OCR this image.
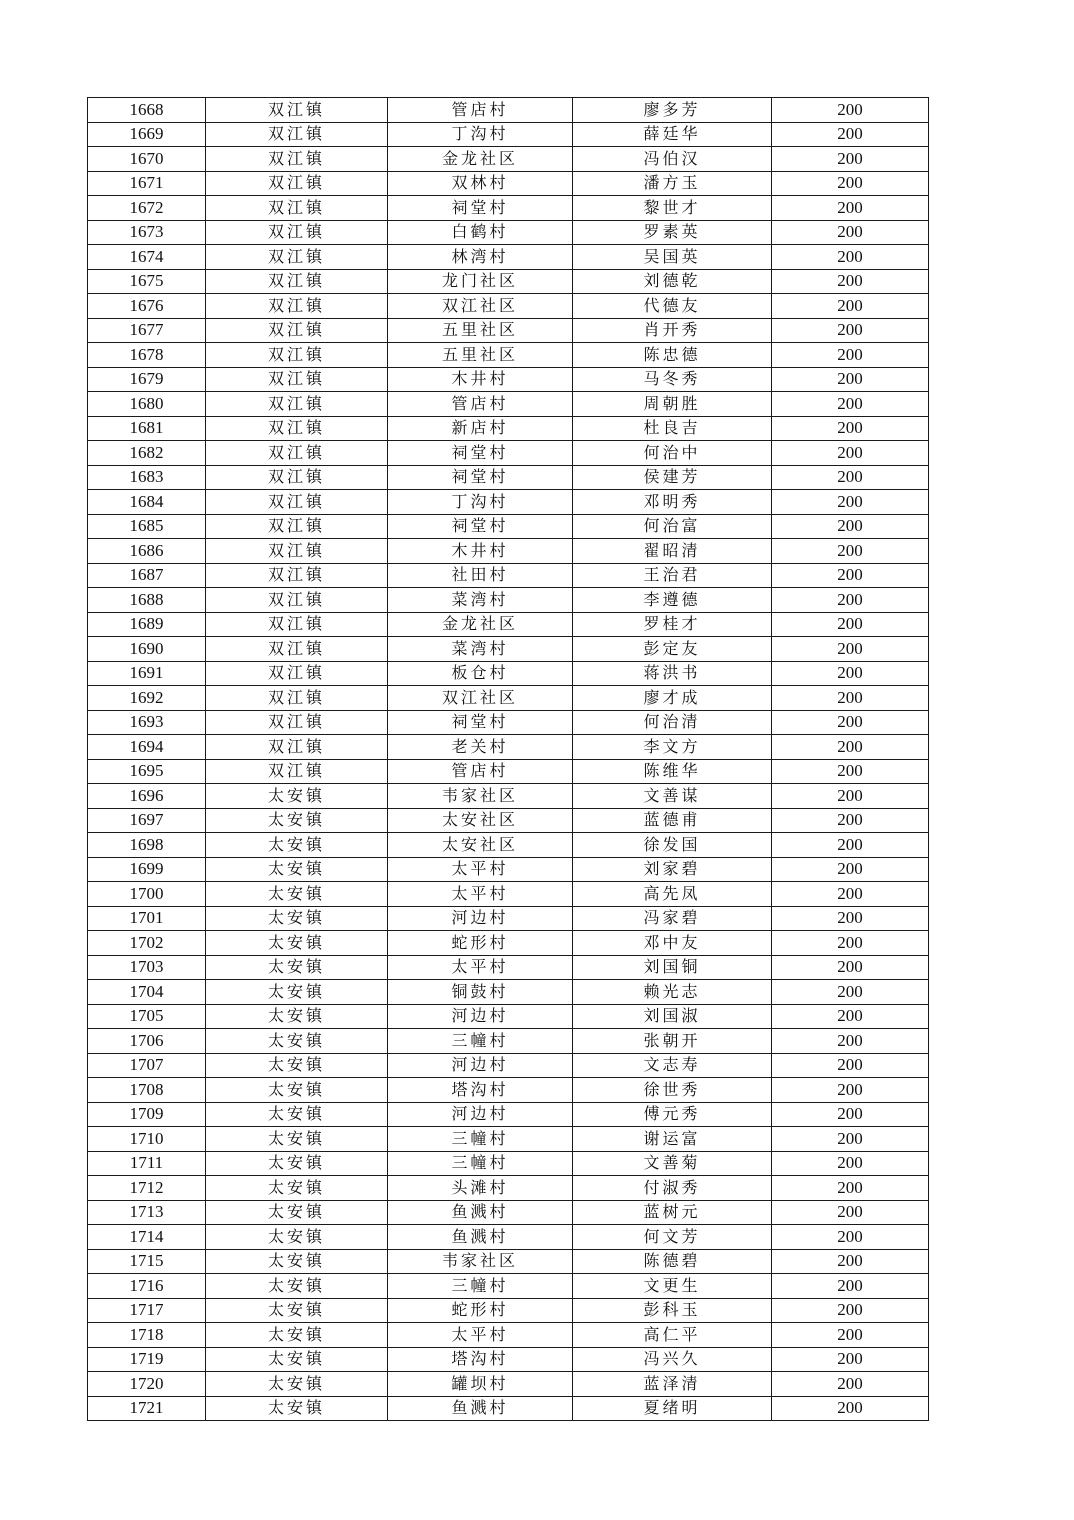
1668	双江镇	管店村	廖多芳	200
1669	双江镇	丁沟村	薛廷华	200
1670	双江镇	金龙社区	冯伯汉	200
1671	双江镇	双林村	潘方玉	200
1672	双江镇	祠堂村	黎世才	200
1673	双江镇	白鹤村	罗素英	200
1674	双江镇	林湾村	吴国英	200
1675	双江镇	龙门社区	刘德乾	200
1676	双江镇	双江社区	代德友	200
1677	双江镇	五里社区	肖开秀	200
1678	双江镇	五里社区	陈忠德	200
1679	双江镇	木井村	马冬秀	200
1680	双江镇	管店村	周朝胜	200
1681	双江镇	新店村	杜良吉	200
1682	双江镇	祠堂村	何治中	200
1683	双江镇	祠堂村	侯建芳	200
1684	双江镇	丁沟村	邓明秀	200
1685	双江镇	祠堂村	何治富	200
1686	双江镇	木井村	翟昭清	200
1687	双江镇	社田村	王治君	200
1688	双江镇	菜湾村	李遵德	200
1689	双江镇	金龙社区	罗桂才	200
1690	双江镇	菜湾村	彭定友	200
1691	双江镇	板仓村	蒋洪书	200
1692	双江镇	双江社区	廖才成	200
1693	双江镇	祠堂村	何治清	200
1694	双江镇	老关村	李文方	200
1695	双江镇	管店村	陈维华	200
1696	太安镇	韦家社区	文善谋	200
1697	太安镇	太安社区	蓝德甫	200
1698	太安镇	太安社区	徐发国	200
1699	太安镇	太平村	刘家碧	200
1700	太安镇	太平村	高先凤	200
1701	太安镇	河边村	冯家碧	200
1702	太安镇	蛇形村	邓中友	200
1703	太安镇	太平村	刘国铜	200
1704	太安镇	铜鼓村	赖光志	200
1705	太安镇	河边村	刘国淑	200
1706	太安镇	三幢村	张朝开	200
1707	太安镇	河边村	文志寿	200
1708	太安镇	塔沟村	徐世秀	200
1709	太安镇	河边村	傅元秀	200
1710	太安镇	三幢村	谢运富	200
1711	太安镇	三幢村	文善菊	200
1712	太安镇	头滩村	付淑秀	200
1713	太安镇	鱼溅村	蓝树元	200
1714	太安镇	鱼溅村	何文芳	200
1715	太安镇	韦家社区	陈德碧	200
1716	太安镇	三幢村	文更生	200
1717	太安镇	蛇形村	彭科玉	200
1718	太安镇	太平村	高仁平	200
1719	太安镇	塔沟村	冯兴久	200
1720	太安镇	罐坝村	蓝泽清	200
1721	太安镇	鱼溅村	夏绪明	200
